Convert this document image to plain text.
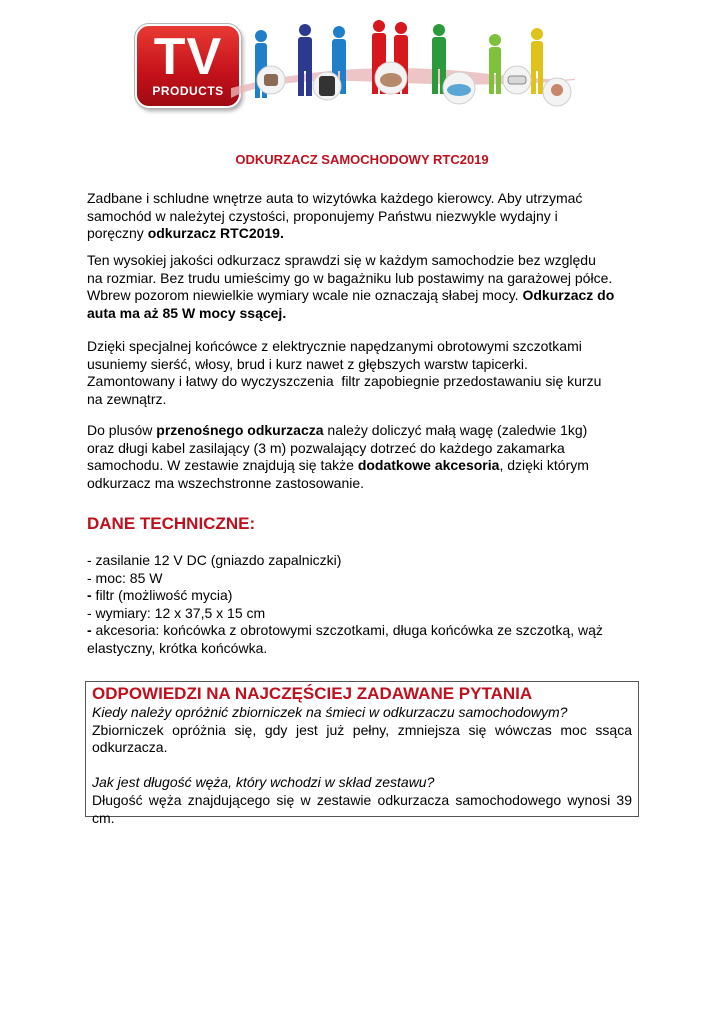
TV
PRODUCTS
ODKURZACZ SAMOCHODOWY RTC2019
Zadbane i schludne wnętrze auta to wizytówka każdego kierowcy. Aby utrzymać
samochód w należytej czystości, proponujemy Państwu niezwykle wydajny i
poręczny odkurzacz RTC2019.
Ten wysokiej jakości odkurzacz sprawdzi się w każdym samochodzie bez względu
na rozmiar. Bez trudu umieścimy go w bagażniku lub postawimy na garażowej półce.
Wbrew pozorom niewielkie wymiary wcale nie oznaczają słabej mocy. Odkurzacz do
auta ma aż 85 W mocy ssącej.
Dzięki specjalnej końcówce z elektrycznie napędzanymi obrotowymi szczotkami
usuniemy sierść, włosy, brud i kurz nawet z głębszych warstw tapicerki.
Zamontowany i łatwy do wyczyszczenia  filtr zapobiegnie przedostawaniu się kurzu
na zewnątrz.
Do plusów przenośnego odkurzacza należy doliczyć małą wagę (zaledwie 1kg)
oraz długi kabel zasilający (3 m) pozwalający dotrzeć do każdego zakamarka
samochodu. W zestawie znajdują się także dodatkowe akcesoria, dzięki którym
odkurzacz ma wszechstronne zastosowanie.
DANE TECHNICZNE:
- zasilanie 12 V DC (gniazdo zapalniczki)
- moc: 85 W
- filtr (możliwość mycia)
- wymiary: 12 x 37,5 x 15 cm
- akcesoria: końcówka z obrotowymi szczotkami, długa końcówka ze szczotką, wąż
elastyczny, krótka końcówka.
ODPOWIEDZI NA NAJCZĘŚCIEJ ZADAWANE PYTANIA
Kiedy należy opróżnić zbiorniczek na śmieci w odkurzaczu samochodowym?
Zbiorniczek opróżnia się, gdy jest już pełny, zmniejsza się wówczas moc ssąca odkurzacza.
Jak jest długość węża, który wchodzi w skład zestawu?
Długość węża znajdującego się w zestawie odkurzacza samochodowego wynosi 39 cm.
